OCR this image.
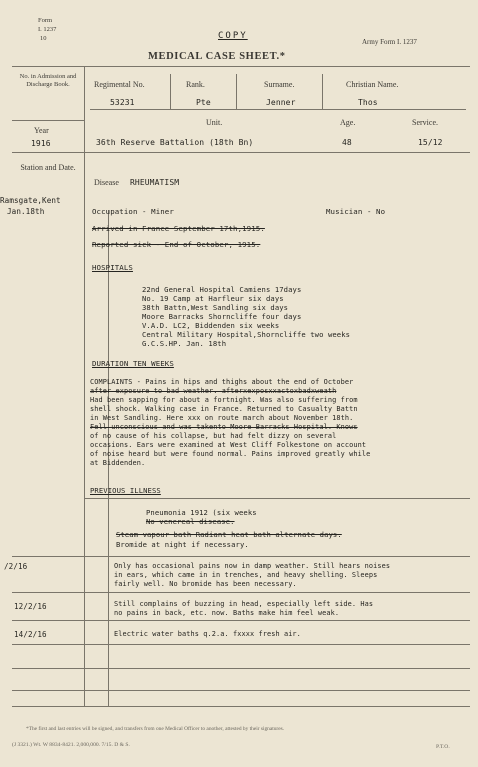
Form
I. 1237
10	COPY
Army Form I. 1237
MEDICAL CASE SHEET.*
No. in Admission and Discharge Book.
Year
1916
Station and Date.
Regimental No.	Rank.	Surname.	Christian Name.
53231	Pte	Jenner	Thos
Unit.	Age.	Service.
36th Reserve Battalion (18th Bn)	48	15/12
Ramsgate,Kent
Jan.18th
Disease RHEUMATISM
Occupation - Miner	Musician - No
Arrived in France September 17th,1915.
Reported sick - End of October, 1915.
HOSPITALS
22nd General Hospital Camiens 17days
No. 19 Camp at Harfleur six days
38th Battn,West Sandling six days
Moore Barracks Shorncliffe four days
V.A.D. LC2, Biddenden six weeks
Central Military Hospital,Shorncliffe two weeks
G.C.S.HP. Jan. 18th
DURATION TEN WEEKS
COMPLAINTS - Pains in hips and thighs about the end of October
after exposure to bad weather. afterxexposxxactoxbadxweath
Had been sapping for about a fortnight. Was also suffering from
shell shock. Walking case in France. Returned to Casualty Battn
in West Sandling. Here xxx on route march about November 18th.
Fell unconscious and was takento Moore Barracks Hospital. Knows
of no cause of his collapse, but had felt dizzy on several
occasions. Ears were examined at West Cliff Folkestone on account
of noise heard but were found normal. Pains improved greatly while
at Biddenden.
PREVIOUS ILLNESS
Pneumonia 1912 (six weeks
No venereal disease.
Steam vapour bath Radiant heat bath alternate days.
Bromide at night if necessary.
/2/16	Only has occasional pains now in damp weather. Still hears noises
in ears, which came in in trenches, and heavy shelling. Sleeps
fairly well. No bromide has been necessary.
12/2/16	Still complains of buzzing in head, especially left side. Has
no pains in back, etc. now. Baths make him feel weak.
14/2/16	Electric water baths q.2.a. fxxxx fresh air.
*The first and last entries will be signed, and transfers from one Medical Officer to another, attested by their signatures.
(J 3321.) Wt. W 8834-8421. 2,000,000. 7/15. D & S.	P.T.O.
